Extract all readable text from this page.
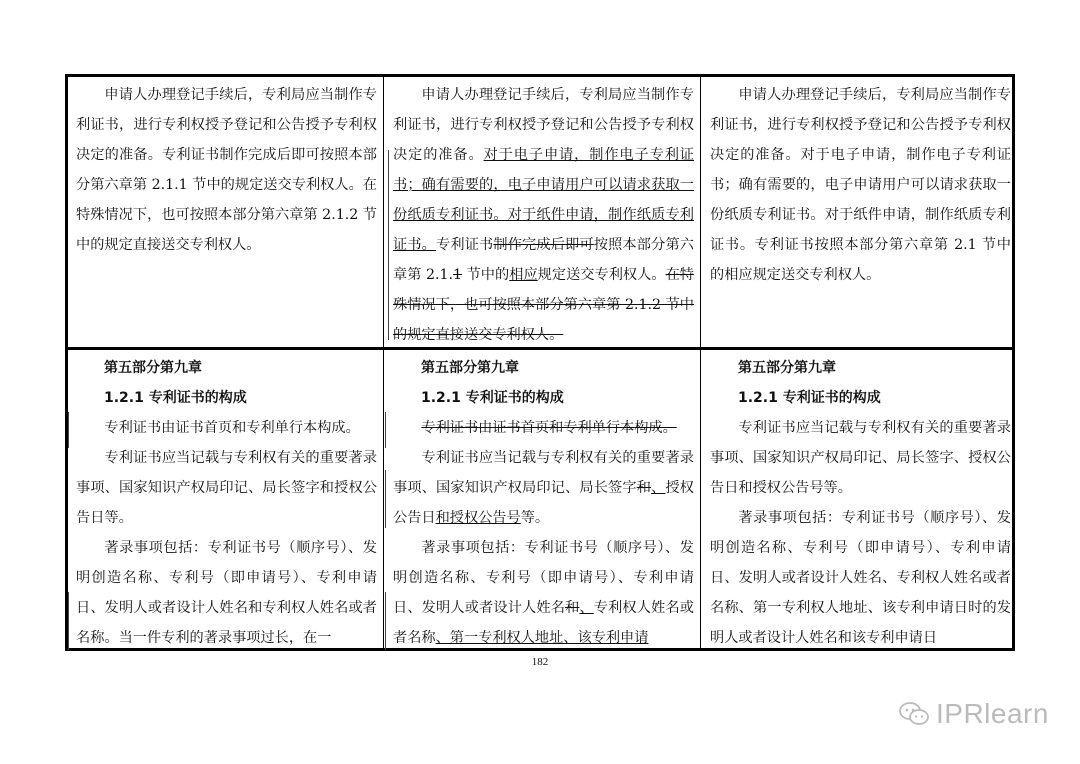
申请人办理登记手续后，专利局应当制作专利证书，进行专利权授予登记和公告授予专利权决定的准备。专利证书制作完成后即可按照本部分第六章第 2.1.1 节中的规定送交专利权人。在特殊情况下，也可按照本部分第六章第 2.1.2 节中的规定直接送交专利权人。

申请人办理登记手续后，专利局应当制作专利证书，进行专利权授予登记和公告授予专利权决定的准备。对于电子申请，制作电子专利证书；确有需要的，电子申请用户可以请求获取一份纸质专利证书。对于纸件申请，制作纸质专利证书。专利证书制作完成后即可按照本部分第六章第 2.1.1 节中的相应规定送交专利权人。在特殊情况下，也可按照本部分第六章第 2.1.2 节中的规定直接送交专利权人。

申请人办理登记手续后，专利局应当制作专利证书，进行专利权授予登记和公告授予专利权决定的准备。对于电子申请，制作电子专利证书；确有需要的，电子申请用户可以请求获取一份纸质专利证书。对于纸件申请，制作纸质专利证书。专利证书按照本部分第六章第 2.1 节中的相应规定送交专利权人。

第五部分第九章
1.2.1 专利证书的构成

专利证书由证书首页和专利单行本构成。

专利证书应当记载与专利权有关的重要著录事项、国家知识产权局印记、局长签字和授权公告日等。

著录事项包括：专利证书号（顺序号）、发明创造名称、专利号（即申请号）、专利申请日、发明人或者设计人姓名和专利权人姓名或者名称。当一件专利的著录事项过长，在一

第五部分第九章
1.2.1 专利证书的构成

专利证书由证书首页和专利单行本构成。

专利证书应当记载与专利权有关的重要著录事项、国家知识产权局印记、局长签字和、授权公告日和授权公告号等。

著录事项包括：专利证书号（顺序号）、发明创造名称、专利号（即申请号）、专利申请日、发明人或者设计人姓名和、专利权人姓名或者名称、第一专利权人地址、该专利申请

第五部分第九章
1.2.1 专利证书的构成

专利证书应当记载与专利权有关的重要著录事项、国家知识产权局印记、局长签字、授权公告日和授权公告号等。

著录事项包括：专利证书号（顺序号）、发明创造名称、专利号（即申请号）、专利申请日、发明人或者设计人姓名、专利权人姓名或者名称、第一专利权人地址、该专利申请日时的发明人或者设计人姓名和该专利申请日

182
IPRlearn
